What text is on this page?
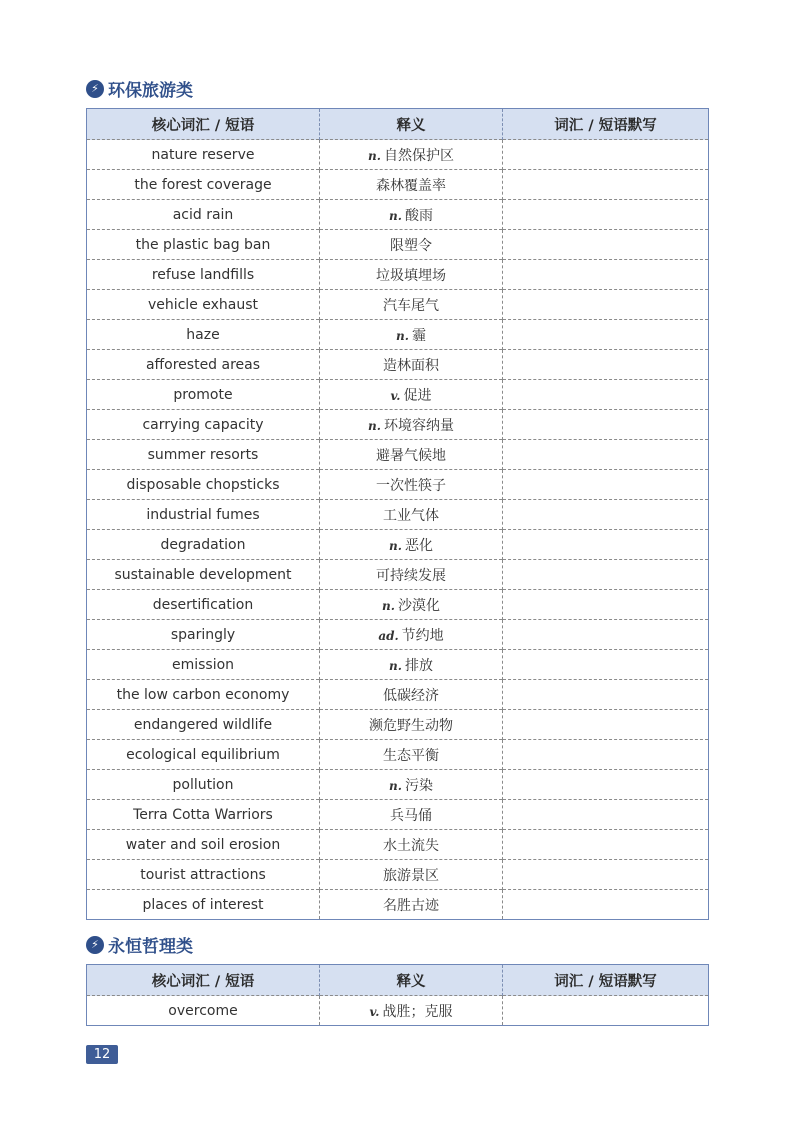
⚡ 环保旅游类
核心词汇 / 短语	释义	词汇 / 短语默写
nature reserve	n. 自然保护区	
the forest coverage	森林覆盖率	
acid rain	n. 酸雨	
the plastic bag ban	限塑令	
refuse landfills	垃圾填埋场	
vehicle exhaust	汽车尾气	
haze	n. 霾	
afforested areas	造林面积	
promote	v. 促进	
carrying capacity	n. 环境容纳量	
summer resorts	避暑气候地	
disposable chopsticks	一次性筷子	
industrial fumes	工业气体	
degradation	n. 恶化	
sustainable development	可持续发展	
desertification	n. 沙漠化	
sparingly	ad. 节约地	
emission	n. 排放	
the low carbon economy	低碳经济	
endangered wildlife	濒危野生动物	
ecological equilibrium	生态平衡	
pollution	n. 污染	
Terra Cotta Warriors	兵马俑	
water and soil erosion	水土流失	
tourist attractions	旅游景区	
places of interest	名胜古迹	
⚡ 永恒哲理类
核心词汇 / 短语	释义	词汇 / 短语默写
overcome	v. 战胜；克服	
12
